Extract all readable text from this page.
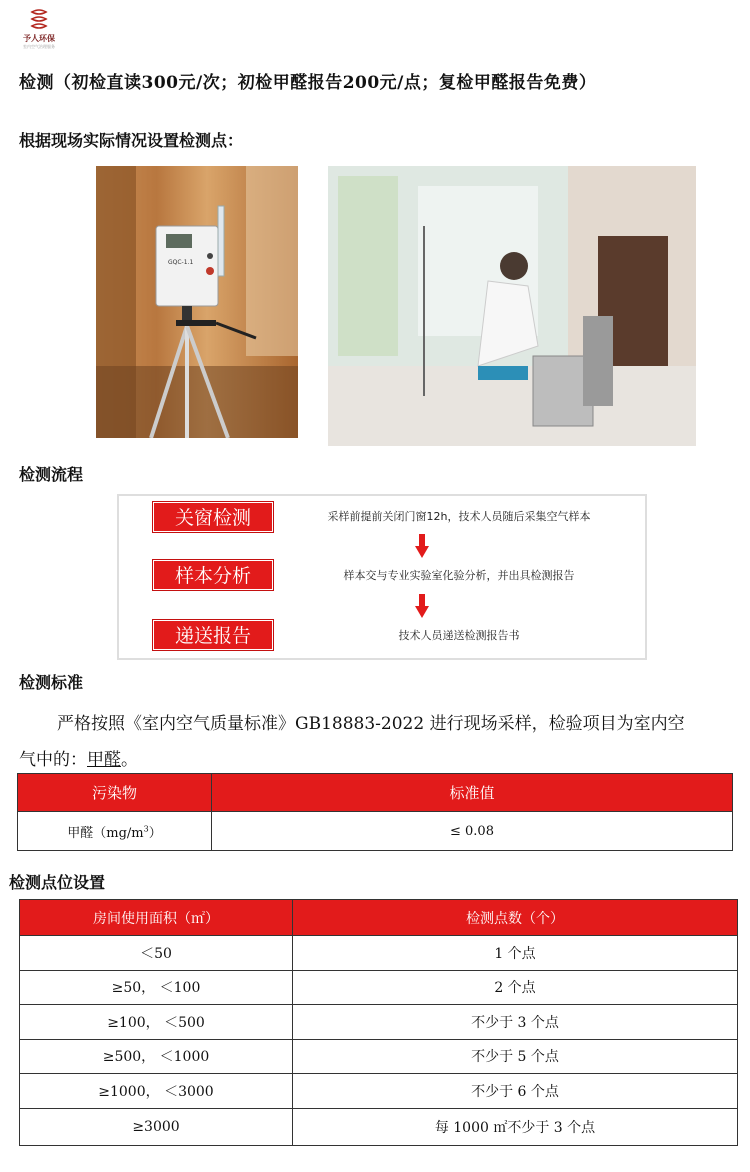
予人环保
室内空气治理服务
检测（初检直读300元/次；初检甲醛报告200元/点；复检甲醛报告免费）
根据现场实际情况设置检测点：
GQC-1.1
检测流程
关窗检测	采样前提前关闭门窗12h，技术人员随后采集空气样本
样本分析	样本交与专业实验室化验分析，并出具检测报告
递送报告	技术人员递送检测报告书
检测标准
严格按照《室内空气质量标准》GB18883-2022 进行现场采样，检验项目为室内空
气中的：甲醛。
污染物	标准值
甲醛$(mg/m^3)$	≤ 0.08
检测点位设置
房间使用面积（㎡）	检测点数（个）
＜50	1 个点
≥50， ＜100	2 个点
≥100， ＜500	不少于 3 个点
≥500， ＜1000	不少于 5 个点
≥1000， ＜3000	不少于 6 个点
≥3000	每 1000 ㎡不少于 3 个点
